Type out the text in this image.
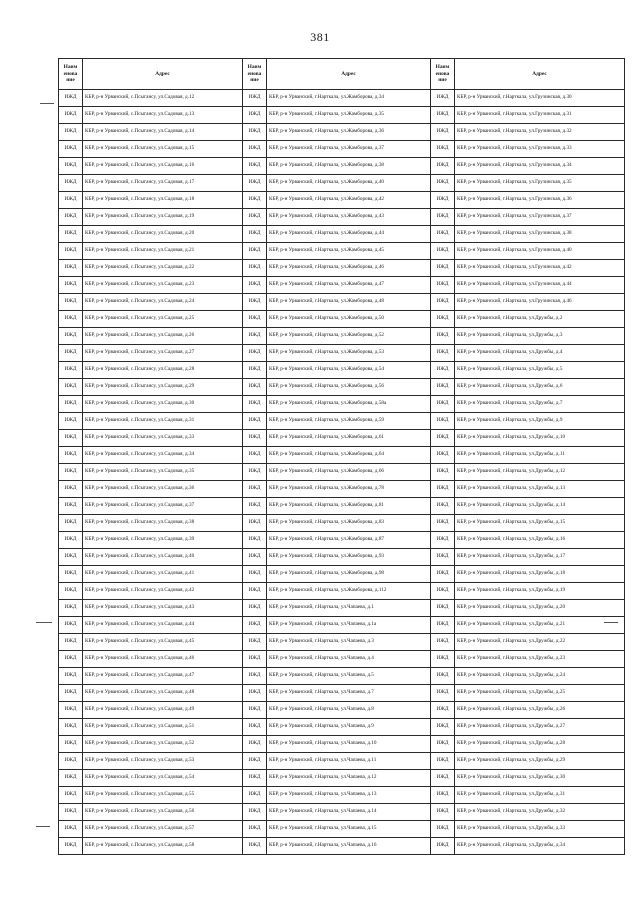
381
Наим
енова
ние	Адрес	Наим
енова
ние	Адрес	Наим
енова
ние	Адрес
ИЖД	КБР, р-н Урванский, с.Псыгансу, ул.Садовая, д.12	ИЖД	КБР, р-н Урванский, г.Нарткала, ул.Жамборова, д.34	ИЖД	КБР, р-н Урванский, г.Нарткала, ул.Грузинская, д.30
ИЖД	КБР, р-н Урванский, с.Псыгансу, ул.Садовая, д.13	ИЖД	КБР, р-н Урванский, г.Нарткала, ул.Жамборова, д.35	ИЖД	КБР, р-н Урванский, г.Нарткала, ул.Грузинская, д.31
ИЖД	КБР, р-н Урванский, с.Псыгансу, ул.Садовая, д.14	ИЖД	КБР, р-н Урванский, г.Нарткала, ул.Жамборова, д.36	ИЖД	КБР, р-н Урванский, г.Нарткала, ул.Грузинская, д.32
ИЖД	КБР, р-н Урванский, с.Псыгансу, ул.Садовая, д.15	ИЖД	КБР, р-н Урванский, г.Нарткала, ул.Жамборова, д.37	ИЖД	КБР, р-н Урванский, г.Нарткала, ул.Грузинская, д.33
ИЖД	КБР, р-н Урванский, с.Псыгансу, ул.Садовая, д.16	ИЖД	КБР, р-н Урванский, г.Нарткала, ул.Жамборова, д.38	ИЖД	КБР, р-н Урванский, г.Нарткала, ул.Грузинская, д.34
ИЖД	КБР, р-н Урванский, с.Псыгансу, ул.Садовая, д.17	ИЖД	КБР, р-н Урванский, г.Нарткала, ул.Жамборова, д.40	ИЖД	КБР, р-н Урванский, г.Нарткала, ул.Грузинская, д.35
ИЖД	КБР, р-н Урванский, с.Псыгансу, ул.Садовая, д.18	ИЖД	КБР, р-н Урванский, г.Нарткала, ул.Жамборова, д.42	ИЖД	КБР, р-н Урванский, г.Нарткала, ул.Грузинская, д.36
ИЖД	КБР, р-н Урванский, с.Псыгансу, ул.Садовая, д.19	ИЖД	КБР, р-н Урванский, г.Нарткала, ул.Жамборова, д.43	ИЖД	КБР, р-н Урванский, г.Нарткала, ул.Грузинская, д.37
ИЖД	КБР, р-н Урванский, с.Псыгансу, ул.Садовая, д.20	ИЖД	КБР, р-н Урванский, г.Нарткала, ул.Жамборова, д.44	ИЖД	КБР, р-н Урванский, г.Нарткала, ул.Грузинская, д.38
ИЖД	КБР, р-н Урванский, с.Псыгансу, ул.Садовая, д.21	ИЖД	КБР, р-н Урванский, г.Нарткала, ул.Жамборова, д.45	ИЖД	КБР, р-н Урванский, г.Нарткала, ул.Грузинская, д.40
ИЖД	КБР, р-н Урванский, с.Псыгансу, ул.Садовая, д.22	ИЖД	КБР, р-н Урванский, г.Нарткала, ул.Жамборова, д.46	ИЖД	КБР, р-н Урванский, г.Нарткала, ул.Грузинская, д.42
ИЖД	КБР, р-н Урванский, с.Псыгансу, ул.Садовая, д.23	ИЖД	КБР, р-н Урванский, г.Нарткала, ул.Жамборова, д.47	ИЖД	КБР, р-н Урванский, г.Нарткала, ул.Грузинская, д.44
ИЖД	КБР, р-н Урванский, с.Псыгансу, ул.Садовая, д.24	ИЖД	КБР, р-н Урванский, г.Нарткала, ул.Жамборова, д.48	ИЖД	КБР, р-н Урванский, г.Нарткала, ул.Грузинская, д.46
ИЖД	КБР, р-н Урванский, с.Псыгансу, ул.Садовая, д.25	ИЖД	КБР, р-н Урванский, г.Нарткала, ул.Жамборова, д.50	ИЖД	КБР, р-н Урванский, г.Нарткала, ул.Дружбы, д.2
ИЖД	КБР, р-н Урванский, с.Псыгансу, ул.Садовая, д.26	ИЖД	КБР, р-н Урванский, г.Нарткала, ул.Жамборова, д.52	ИЖД	КБР, р-н Урванский, г.Нарткала, ул.Дружбы, д.3
ИЖД	КБР, р-н Урванский, с.Псыгансу, ул.Садовая, д.27	ИЖД	КБР, р-н Урванский, г.Нарткала, ул.Жамборова, д.53	ИЖД	КБР, р-н Урванский, г.Нарткала, ул.Дружбы, д.4
ИЖД	КБР, р-н Урванский, с.Псыгансу, ул.Садовая, д.28	ИЖД	КБР, р-н Урванский, г.Нарткала, ул.Жамборова, д.54	ИЖД	КБР, р-н Урванский, г.Нарткала, ул.Дружбы, д.5
ИЖД	КБР, р-н Урванский, с.Псыгансу, ул.Садовая, д.29	ИЖД	КБР, р-н Урванский, г.Нарткала, ул.Жамборова, д.56	ИЖД	КБР, р-н Урванский, г.Нарткала, ул.Дружбы, д.6
ИЖД	КБР, р-н Урванский, с.Псыгансу, ул.Садовая, д.30	ИЖД	КБР, р-н Урванский, г.Нарткала, ул.Жамборова, д.58а	ИЖД	КБР, р-н Урванский, г.Нарткала, ул.Дружбы, д.7
ИЖД	КБР, р-н Урванский, с.Псыгансу, ул.Садовая, д.31	ИЖД	КБР, р-н Урванский, г.Нарткала, ул.Жамборова, д.59	ИЖД	КБР, р-н Урванский, г.Нарткала, ул.Дружбы, д.9
ИЖД	КБР, р-н Урванский, с.Псыгансу, ул.Садовая, д.33	ИЖД	КБР, р-н Урванский, г.Нарткала, ул.Жамборова, д.61	ИЖД	КБР, р-н Урванский, г.Нарткала, ул.Дружбы, д.10
ИЖД	КБР, р-н Урванский, с.Псыгансу, ул.Садовая, д.34	ИЖД	КБР, р-н Урванский, г.Нарткала, ул.Жамборова, д.64	ИЖД	КБР, р-н Урванский, г.Нарткала, ул.Дружбы, д.11
ИЖД	КБР, р-н Урванский, с.Псыгансу, ул.Садовая, д.35	ИЖД	КБР, р-н Урванский, г.Нарткала, ул.Жамборова, д.66	ИЖД	КБР, р-н Урванский, г.Нарткала, ул.Дружбы, д.12
ИЖД	КБР, р-н Урванский, с.Псыгансу, ул.Садовая, д.36	ИЖД	КБР, р-н Урванский, г.Нарткала, ул.Жамборова, д.78	ИЖД	КБР, р-н Урванский, г.Нарткала, ул.Дружбы, д.13
ИЖД	КБР, р-н Урванский, с.Псыгансу, ул.Садовая, д.37	ИЖД	КБР, р-н Урванский, г.Нарткала, ул.Жамборова, д.81	ИЖД	КБР, р-н Урванский, г.Нарткала, ул.Дружбы, д.14
ИЖД	КБР, р-н Урванский, с.Псыгансу, ул.Садовая, д.38	ИЖД	КБР, р-н Урванский, г.Нарткала, ул.Жамборова, д.83	ИЖД	КБР, р-н Урванский, г.Нарткала, ул.Дружбы, д.15
ИЖД	КБР, р-н Урванский, с.Псыгансу, ул.Садовая, д.39	ИЖД	КБР, р-н Урванский, г.Нарткала, ул.Жамборова, д.87	ИЖД	КБР, р-н Урванский, г.Нарткала, ул.Дружбы, д.16
ИЖД	КБР, р-н Урванский, с.Псыгансу, ул.Садовая, д.40	ИЖД	КБР, р-н Урванский, г.Нарткала, ул.Жамборова, д.93	ИЖД	КБР, р-н Урванский, г.Нарткала, ул.Дружбы, д.17
ИЖД	КБР, р-н Урванский, с.Псыгансу, ул.Садовая, д.41	ИЖД	КБР, р-н Урванский, г.Нарткала, ул.Жамборова, д.98	ИЖД	КБР, р-н Урванский, г.Нарткала, ул.Дружбы, д.18
ИЖД	КБР, р-н Урванский, с.Псыгансу, ул.Садовая, д.42	ИЖД	КБР, р-н Урванский, г.Нарткала, ул.Жамборова, д.112	ИЖД	КБР, р-н Урванский, г.Нарткала, ул.Дружбы, д.19
ИЖД	КБР, р-н Урванский, с.Псыгансу, ул.Садовая, д.43	ИЖД	КБР, р-н Урванский, г.Нарткала, ул.Чапаева, д.1	ИЖД	КБР, р-н Урванский, г.Нарткала, ул.Дружбы, д.20
ИЖД	КБР, р-н Урванский, с.Псыгансу, ул.Садовая, д.44	ИЖД	КБР, р-н Урванский, г.Нарткала, ул.Чапаева, д.1а	ИЖД	КБР, р-н Урванский, г.Нарткала, ул.Дружбы, д.21
ИЖД	КБР, р-н Урванский, с.Псыгансу, ул.Садовая, д.45	ИЖД	КБР, р-н Урванский, г.Нарткала, ул.Чапаева, д.3	ИЖД	КБР, р-н Урванский, г.Нарткала, ул.Дружбы, д.22
ИЖД	КБР, р-н Урванский, с.Псыгансу, ул.Садовая, д.46	ИЖД	КБР, р-н Урванский, г.Нарткала, ул.Чапаева, д.4	ИЖД	КБР, р-н Урванский, г.Нарткала, ул.Дружбы, д.23
ИЖД	КБР, р-н Урванский, с.Псыгансу, ул.Садовая, д.47	ИЖД	КБР, р-н Урванский, г.Нарткала, ул.Чапаева, д.5	ИЖД	КБР, р-н Урванский, г.Нарткала, ул.Дружбы, д.24
ИЖД	КБР, р-н Урванский, с.Псыгансу, ул.Садовая, д.48	ИЖД	КБР, р-н Урванский, г.Нарткала, ул.Чапаева, д.7	ИЖД	КБР, р-н Урванский, г.Нарткала, ул.Дружбы, д.25
ИЖД	КБР, р-н Урванский, с.Псыгансу, ул.Садовая, д.49	ИЖД	КБР, р-н Урванский, г.Нарткала, ул.Чапаева, д.8	ИЖД	КБР, р-н Урванский, г.Нарткала, ул.Дружбы, д.26
ИЖД	КБР, р-н Урванский, с.Псыгансу, ул.Садовая, д.51	ИЖД	КБР, р-н Урванский, г.Нарткала, ул.Чапаева, д.9	ИЖД	КБР, р-н Урванский, г.Нарткала, ул.Дружбы, д.27
ИЖД	КБР, р-н Урванский, с.Псыгансу, ул.Садовая, д.52	ИЖД	КБР, р-н Урванский, г.Нарткала, ул.Чапаева, д.10	ИЖД	КБР, р-н Урванский, г.Нарткала, ул.Дружбы, д.28
ИЖД	КБР, р-н Урванский, с.Псыгансу, ул.Садовая, д.53	ИЖД	КБР, р-н Урванский, г.Нарткала, ул.Чапаева, д.11	ИЖД	КБР, р-н Урванский, г.Нарткала, ул.Дружбы, д.29
ИЖД	КБР, р-н Урванский, с.Псыгансу, ул.Садовая, д.54	ИЖД	КБР, р-н Урванский, г.Нарткала, ул.Чапаева, д.12	ИЖД	КБР, р-н Урванский, г.Нарткала, ул.Дружбы, д.30
ИЖД	КБР, р-н Урванский, с.Псыгансу, ул.Садовая, д.55	ИЖД	КБР, р-н Урванский, г.Нарткала, ул.Чапаева, д.13	ИЖД	КБР, р-н Урванский, г.Нарткала, ул.Дружбы, д.31
ИЖД	КБР, р-н Урванский, с.Псыгансу, ул.Садовая, д.56	ИЖД	КБР, р-н Урванский, г.Нарткала, ул.Чапаева, д.14	ИЖД	КБР, р-н Урванский, г.Нарткала, ул.Дружбы, д.32
ИЖД	КБР, р-н Урванский, с.Псыгансу, ул.Садовая, д.57	ИЖД	КБР, р-н Урванский, г.Нарткала, ул.Чапаева, д.15	ИЖД	КБР, р-н Урванский, г.Нарткала, ул.Дружбы, д.33
ИЖД	КБР, р-н Урванский, с.Псыгансу, ул.Садовая, д.58	ИЖД	КБР, р-н Урванский, г.Нарткала, ул.Чапаева, д.16	ИЖД	КБР, р-н Урванский, г.Нарткала, ул.Дружбы, д.34
